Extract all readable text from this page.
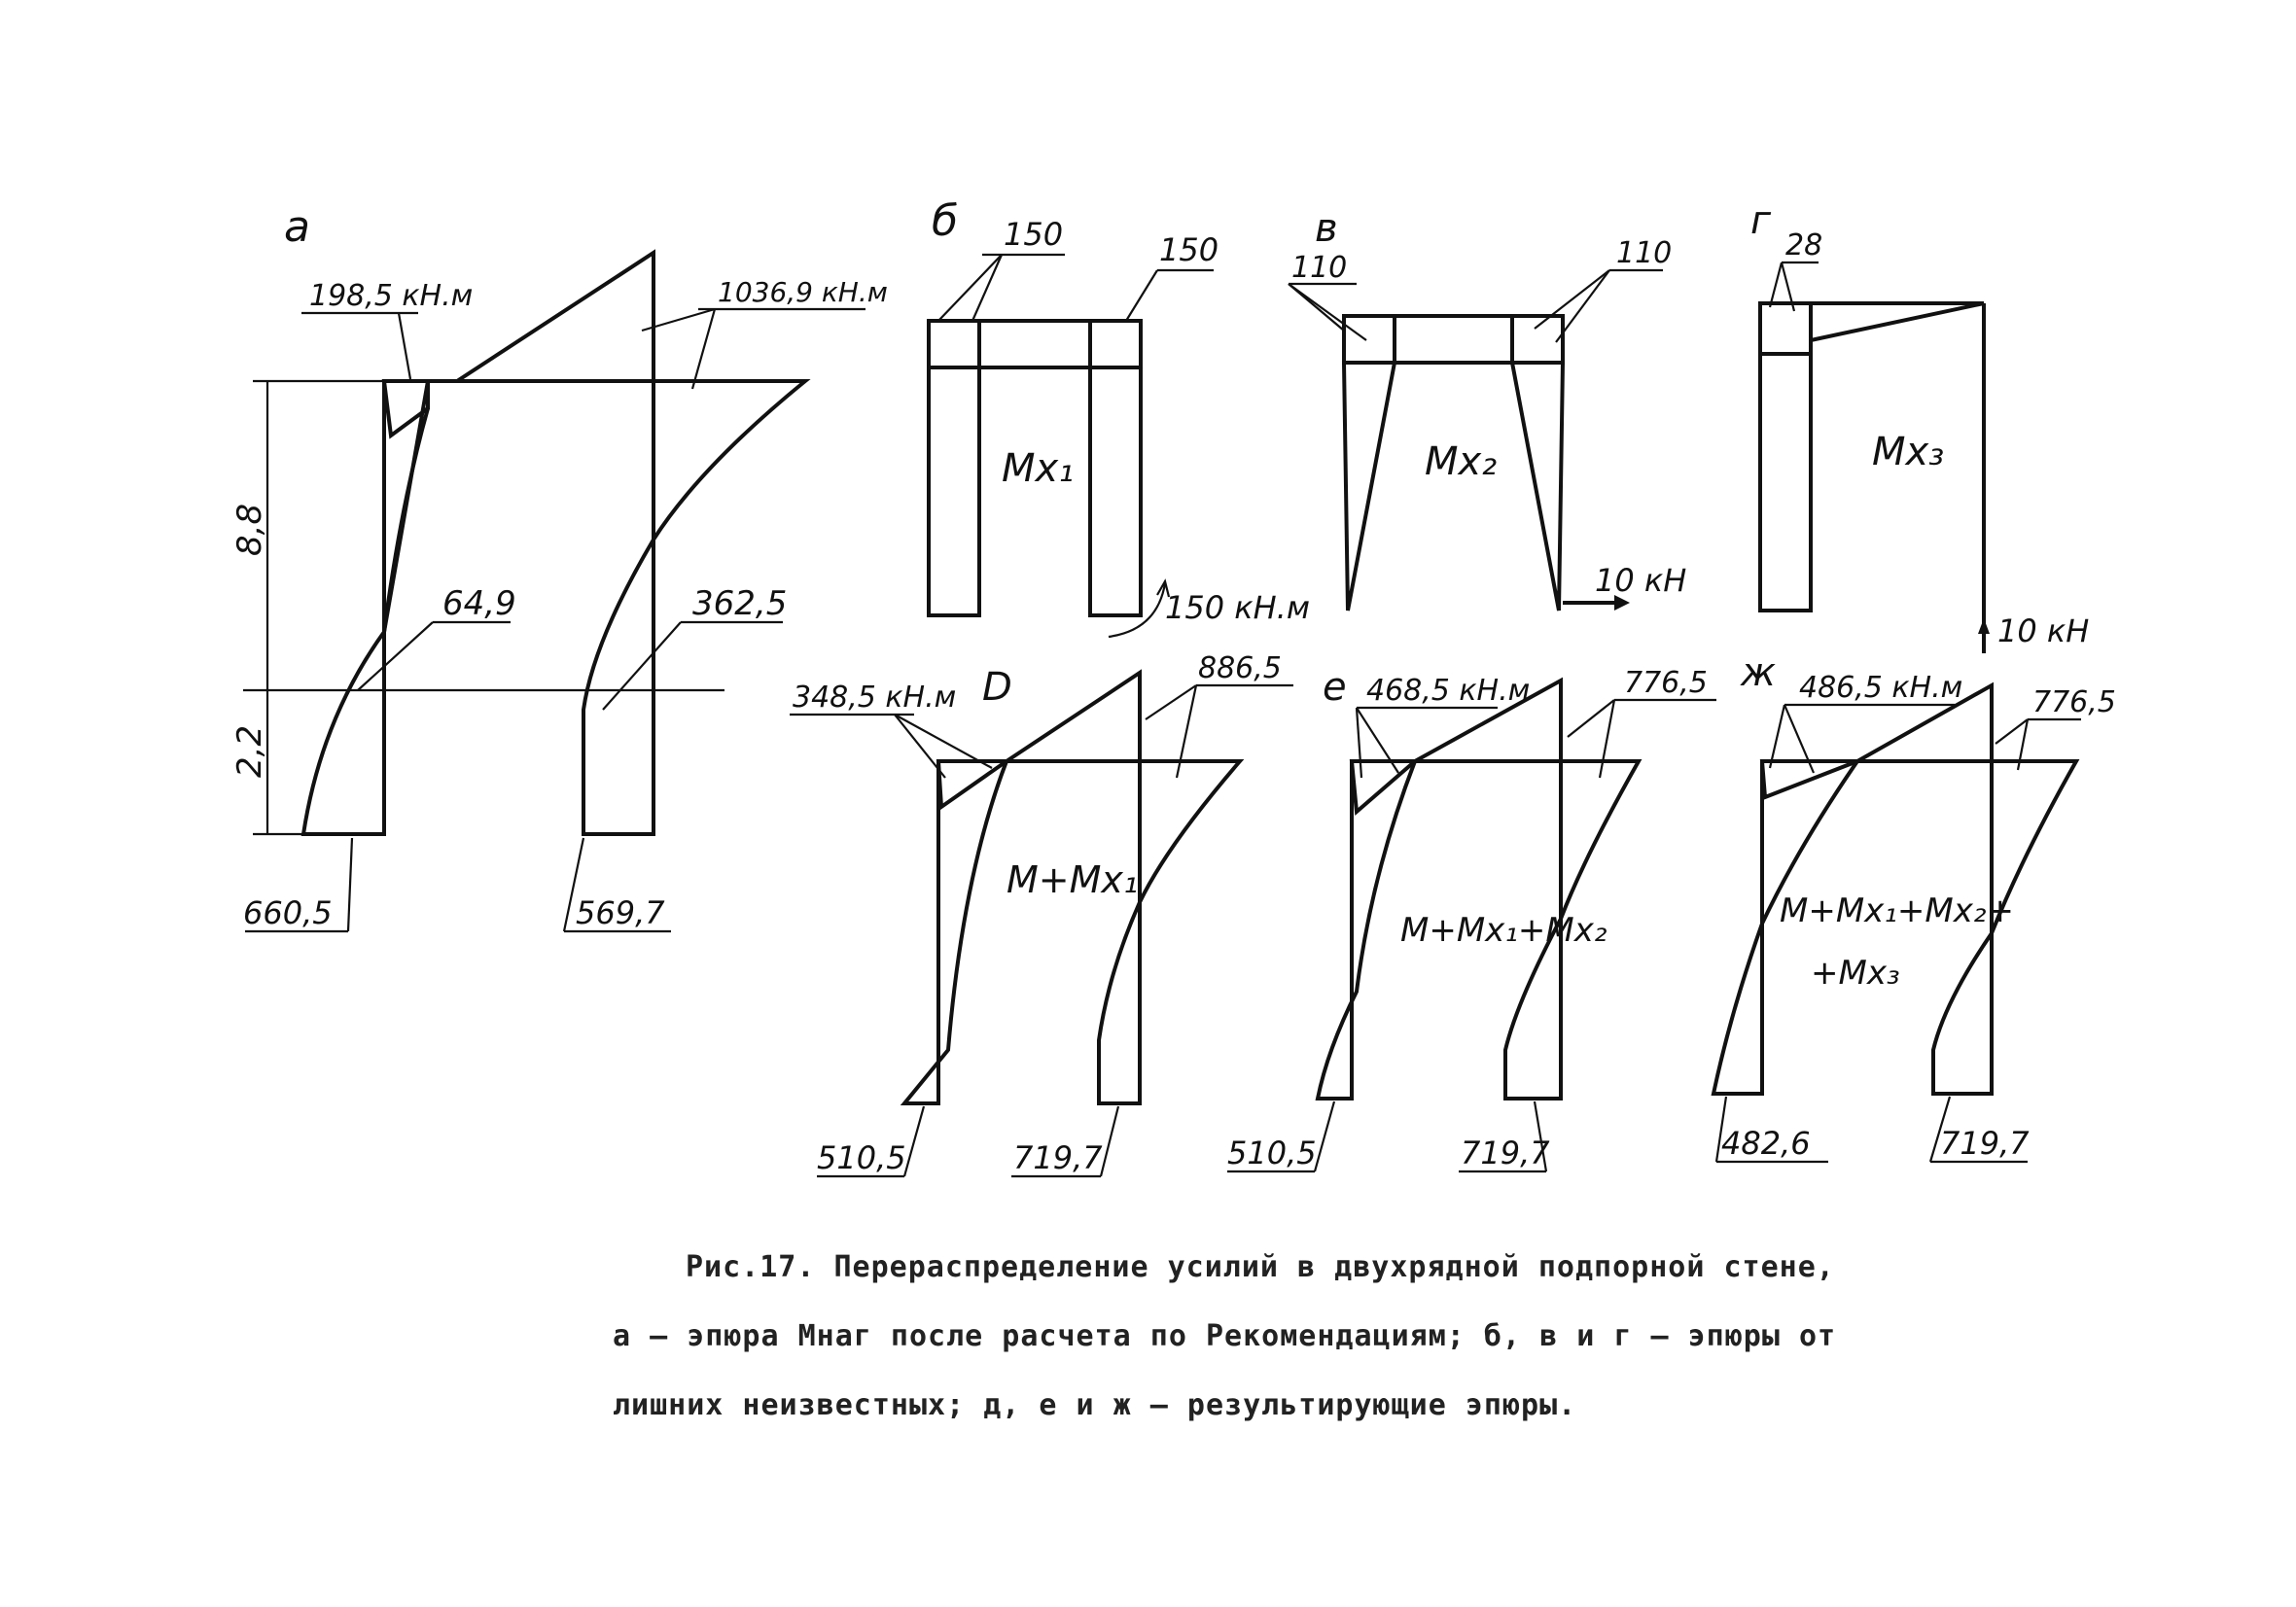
а
8,8
2,2
198,5 кН.м	1036,9 кН.м
64,9	362,5
660,5	569,7
б
Mx₁
150	150
150 кН.м
в
Mx₂
110	110
10 кН
г
Mx₃
28
10 кН
D
M+Mx₁
348,5 кН.м
886,5
510,5	719,7
е
M+Mx₁+Mx₂
468,5 кН.м	776,5
510,5	719,7
ж
M+Mx₁+Mx₂+
+Mx₃
486,5 кН.м 776,5
482,6	719,7
Рис.17. Перераспределение усилий в двухрядной подпорной стене,
а – эпюра Mнаг после расчета по Рекомендациям; б, в и г – эпюры от
лишних неизвестных; д, е и ж – результирующие эпюры.
